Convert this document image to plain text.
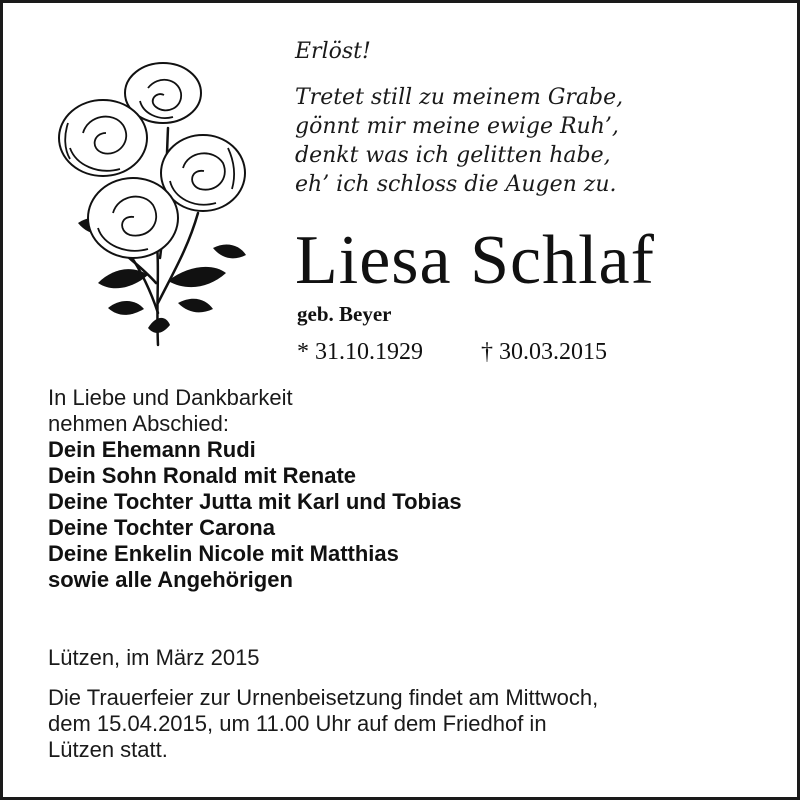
Erlöst!
Tretet still zu meinem Grabe,
gönnt mir meine ewige Ruh’,
denkt was ich gelitten habe,
eh’ ich schloss die Augen zu.
Liesa Schlaf
geb. Beyer
* 31.10.1929 † 30.03.2015
In Liebe und Dankbarkeit
nehmen Abschied:
Dein Ehemann Rudi
Dein Sohn Ronald mit Renate
Deine Tochter Jutta mit Karl und Tobias
Deine Tochter Carona
Deine Enkelin Nicole mit Matthias
sowie alle Angehörigen
Lützen, im März 2015
Die Trauerfeier zur Urnenbeisetzung findet am Mittwoch,
dem 15.04.2015, um 11.00 Uhr auf dem Friedhof in
Lützen statt.
